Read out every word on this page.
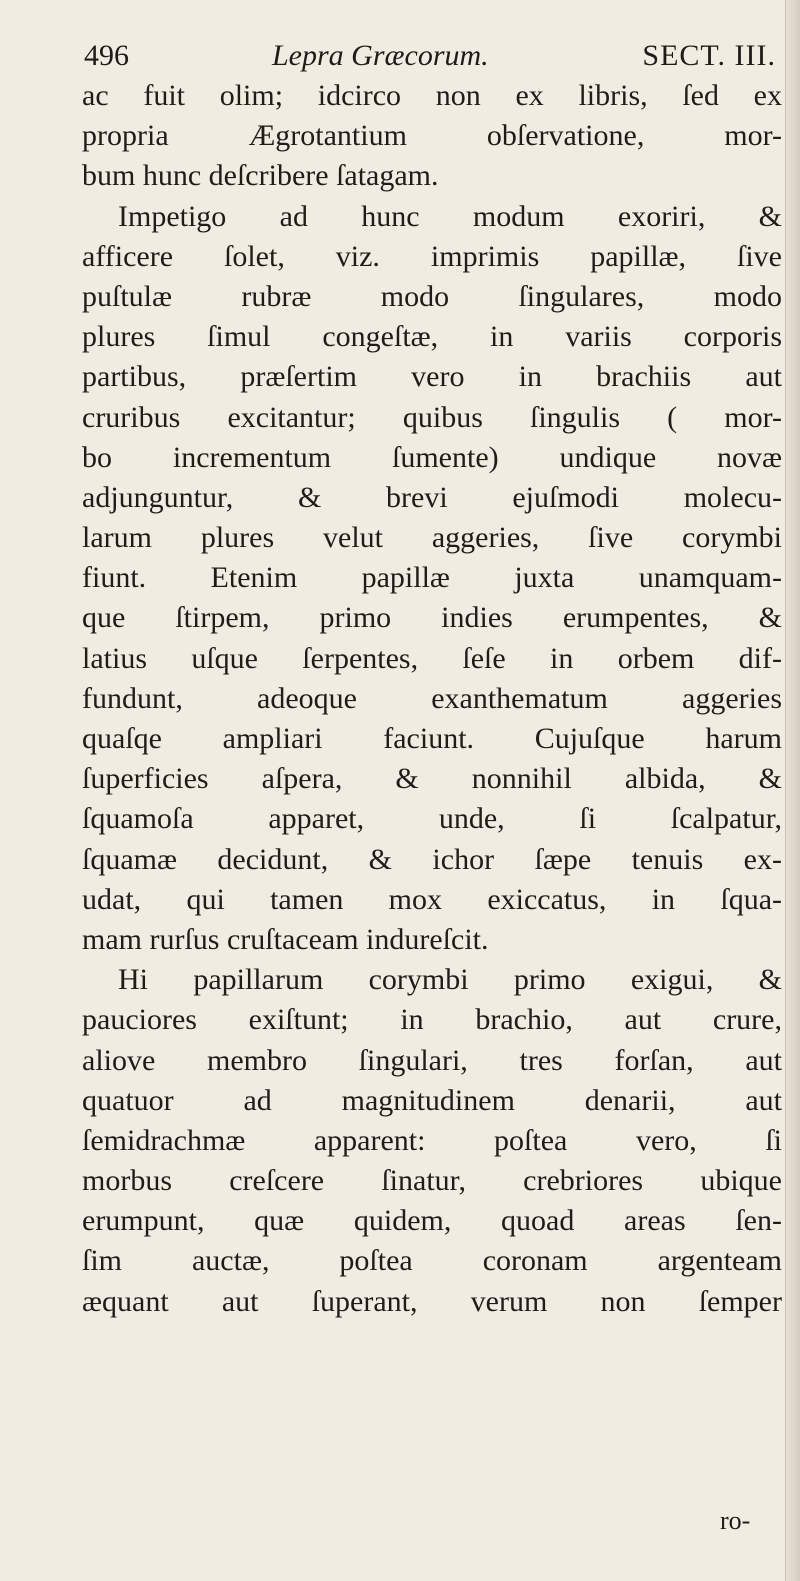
496	Lepra Græcorum.	SECT. III.
ac fuit olim; idcirco non ex libris, ſed ex
propria Ægrotantium obſervatione, mor-
bum hunc deſcribere ſatagam.
Impetigo ad hunc modum exoriri, &
afficere ſolet, viz. imprimis papillæ, ſive
puſtulæ rubræ modo ſingulares, modo
plures ſimul congeſtæ, in variis corporis
partibus, præſertim vero in brachiis aut
cruribus excitantur; quibus ſingulis ( mor-
bo incrementum ſumente) undique novæ
adjunguntur, & brevi ejuſmodi molecu-
larum plures velut aggeries, ſive corymbi
fiunt. Etenim papillæ juxta unamquam-
que ſtirpem, primo indies erumpentes, &
latius uſque ſerpentes, ſeſe in orbem dif-
fundunt, adeoque exanthematum aggeries
quaſqe ampliari faciunt. Cujuſque harum
ſuperficies aſpera, & nonnihil albida, &
ſquamoſa apparet, unde, ſi ſcalpatur,
ſquamæ decidunt, & ichor ſæpe tenuis ex-
udat, qui tamen mox exiccatus, in ſqua-
mam rurſus cruſtaceam indureſcit.
Hi papillarum corymbi primo exigui, &
pauciores exiſtunt; in brachio, aut crure,
aliove membro ſingulari, tres forſan, aut
quatuor ad magnitudinem denarii, aut
ſemidrachmæ apparent: poſtea vero, ſi
morbus creſcere ſinatur, crebriores ubique
erumpunt, quæ quidem, quoad areas ſen-
ſim auctæ, poſtea coronam argenteam
æquant aut ſuperant, verum non ſemper
ro-
